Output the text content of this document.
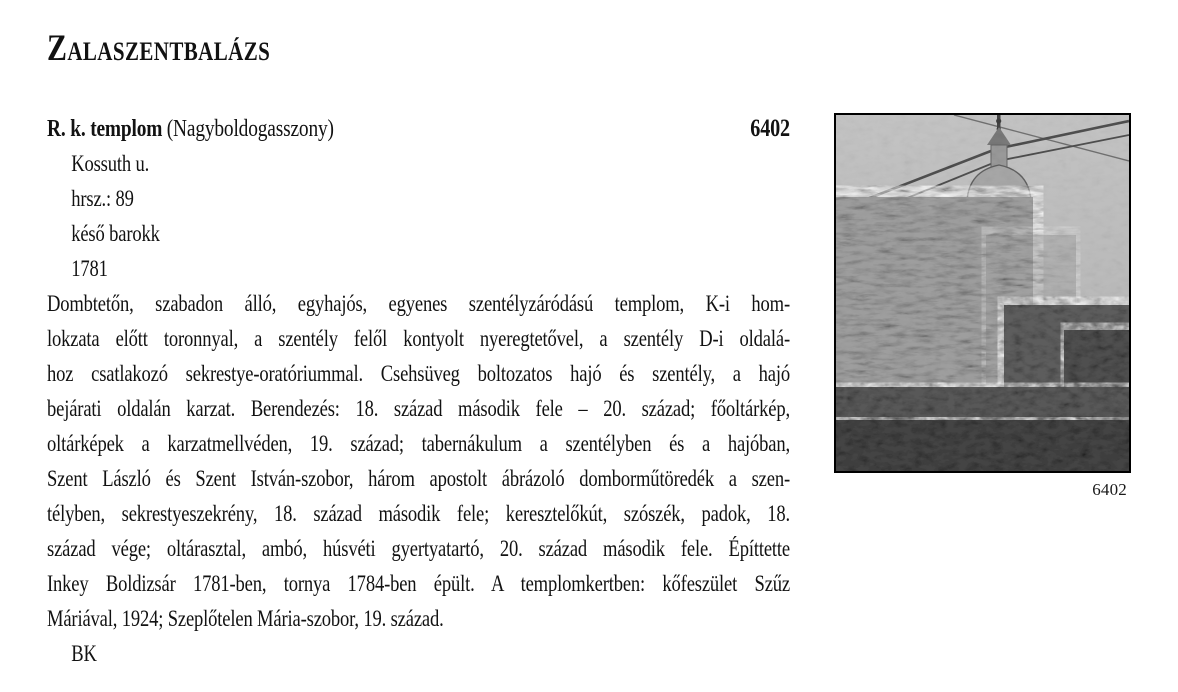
Zalaszentbalázs
R. k. templom (Nagyboldogasszony)	6402
Kossuth u.
hrsz.: 89
késő barokk
1781
Dombtetőn, szabadon álló, egyhajós, egyenes szentélyzáródású templom, K-i hom-
lokzata előtt toronnyal, a szentély felől kontyolt nyeregtetővel, a szentély D-i oldalá-
hoz csatlakozó sekrestye-oratóriummal. Csehsüveg boltozatos hajó és szentély, a hajó
bejárati oldalán karzat. Berendezés: 18. század második fele – 20. század; főoltárkép,
oltárképek a karzatmellvéden, 19. század; tabernákulum a szentélyben és a hajóban,
Szent László és Szent István-szobor, három apostolt ábrázoló domborműtöredék a szen-
télyben, sekrestyeszekrény, 18. század második fele; keresztelőkút, szószék, padok, 18.
század vége; oltárasztal, ambó, húsvéti gyertyatartó, 20. század második fele. Építtette
Inkey Boldizsár 1781-ben, tornya 1784-ben épült. A templomkertben: kőfeszület Szűz
Máriával, 1924; Szeplőtelen Mária-szobor, 19. század.
BK
6402
